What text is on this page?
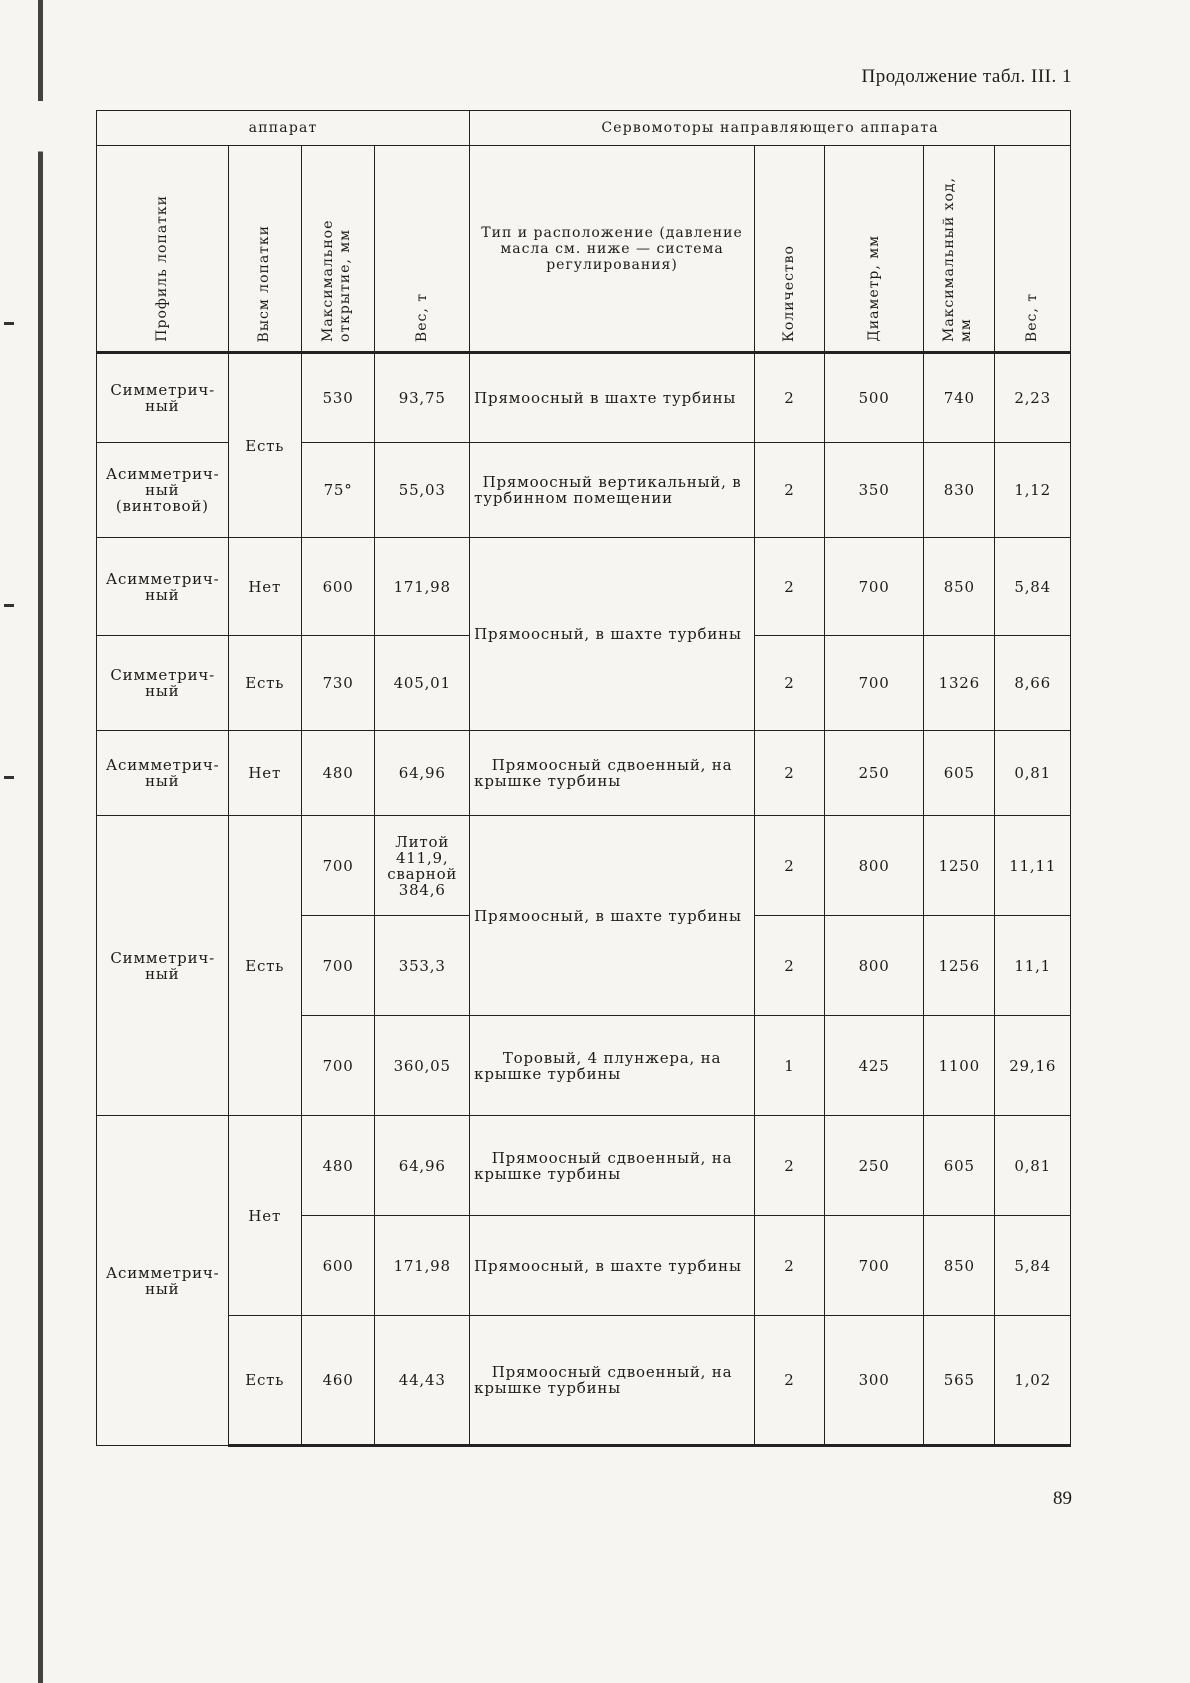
Продолжение табл. III. 1
аппарат				Сервомоторы направляющего аппарата				
Профиль лопатки	Высм лопатки	Максимальное открытие, мм	Вес, т	Тип и расположение (давление масла см. ниже — система регулирования)	Количество	Диаметр, мм	Максимальный ход, мм	Вес, т
Симметричный	Есть	530	93,75	Прямоосный в шахте турбины	2	500	740	2,23
Асимметричный (винтовой)		75°	55,03	Прямоосный вертикальный, в турбинном помещении	2	350	830	1,12
Асимметричный	Нет	600	171,98	Прямоосный, в шахте турбины	2	700	850	5,84
Симметричный	Есть	730	405,01		2	700	1326	8,66
Асимметричный	Нет	480	64,96	Прямоосный сдвоенный, на крышке турбины	2	250	605	0,81
Симметричный	Есть	700	Литой 411,9, сварной 384,6	Прямоосный, в шахте турбины	2	800	1250	11,11
		700	353,3		2	800	1256	11,1
		700	360,05	Торовый, 4 плунжера, на крышке турбины	1	425	1100	29,16
Асимметричный	Нет	480	64,96	Прямоосный сдвоенный, на крышке турбины	2	250	605	0,81
		600	171,98	Прямоосный, в шахте турбины	2	700	850	5,84
	Есть	460	44,43	Прямоосный сдвоенный, на крышке турбины	2	300	565	1,02
89
